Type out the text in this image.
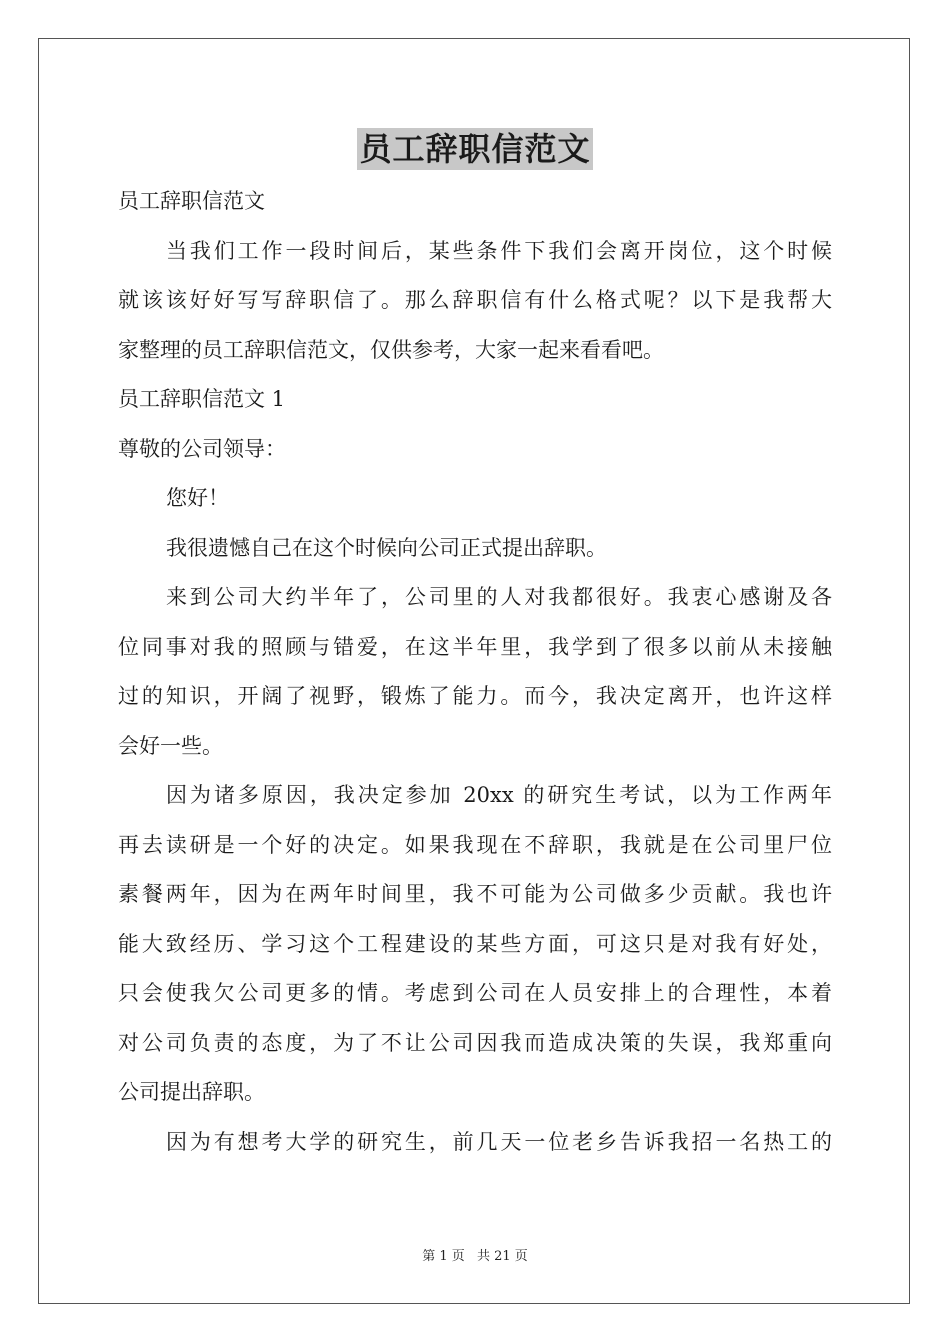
员工辞职信范文
员工辞职信范文
当我们工作一段时间后，某些条件下我们会离开岗位，这个时候
就该该好好写写辞职信了。那么辞职信有什么格式呢？以下是我帮大
家整理的员工辞职信范文，仅供参考，大家一起来看看吧。
员工辞职信范文 1
尊敬的公司领导：
您好！
我很遗憾自己在这个时候向公司正式提出辞职。
来到公司大约半年了，公司里的人对我都很好。我衷心感谢及各
位同事对我的照顾与错爱，在这半年里，我学到了很多以前从未接触
过的知识，开阔了视野，锻炼了能力。而今，我决定离开，也许这样
会好一些。
因为诸多原因，我决定参加 20xx 的研究生考试，以为工作两年
再去读研是一个好的决定。如果我现在不辞职，我就是在公司里尸位
素餐两年，因为在两年时间里，我不可能为公司做多少贡献。我也许
能大致经历、学习这个工程建设的某些方面，可这只是对我有好处，
只会使我欠公司更多的情。考虑到公司在人员安排上的合理性，本着
对公司负责的态度，为了不让公司因我而造成决策的失误，我郑重向
公司提出辞职。
因为有想考大学的研究生，前几天一位老乡告诉我招一名热工的
第 1 页 共 21 页
